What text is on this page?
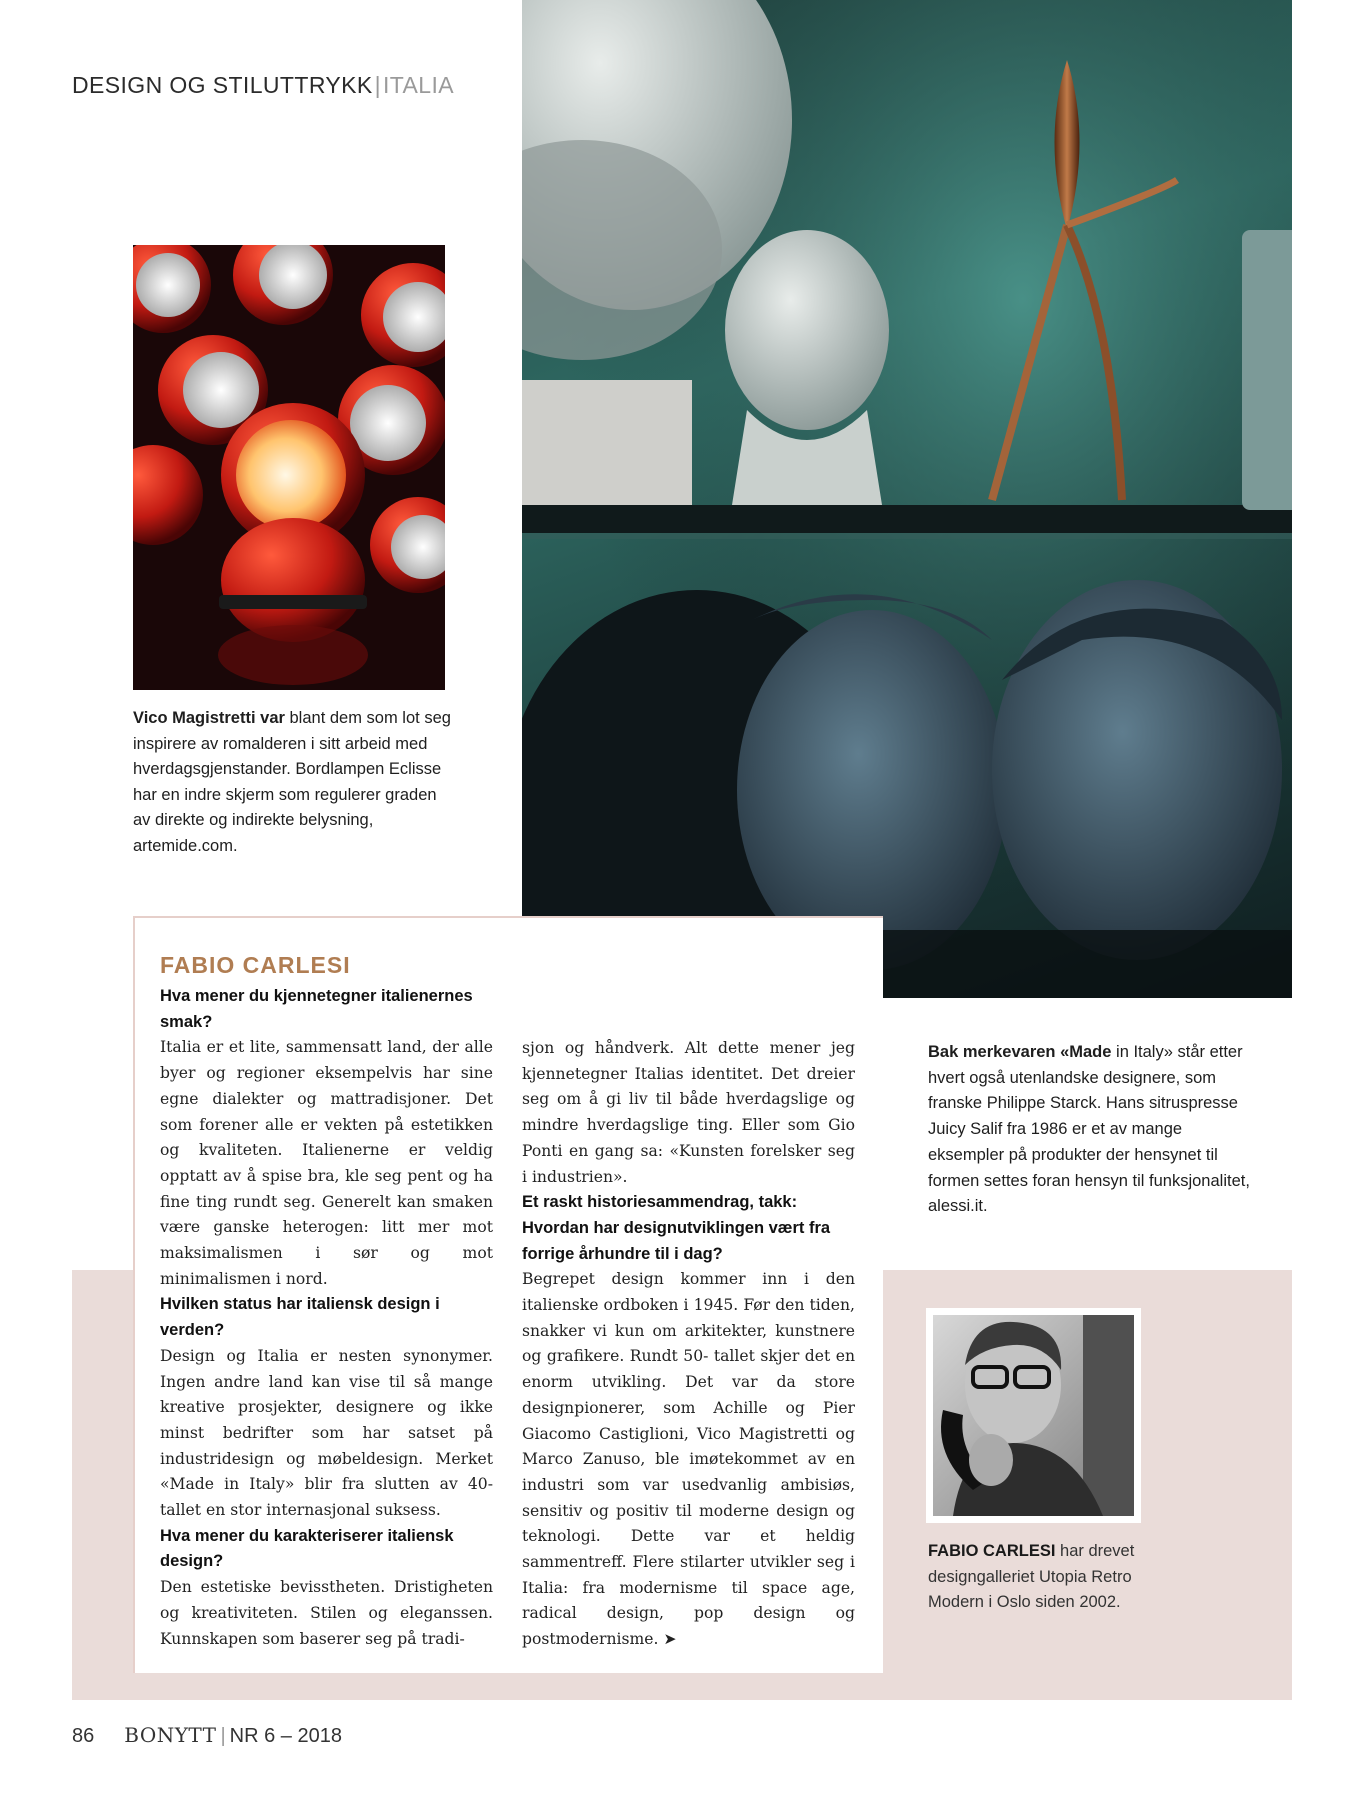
DESIGN OG STILUTTRYKK|ITALIA
Vico Magistretti var blant dem som lot seg inspirere av romalderen i sitt arbeid med hverdagsgjenstander. Bordlampen Eclisse har en indre skjerm som regulerer graden av direkte og indirekte belysning, artemide.com.
FABIO CARLESI
Hva mener du kjennetegner italienernes smak?
Italia er et lite, sammensatt land, der alle byer og regioner eksempelvis har sine egne dialekter og mattradisjoner. Det som forener alle er vekten på estetikken og kvaliteten. Italienerne er veldig opptatt av å spise bra, kle seg pent og ha fine ting rundt seg. Generelt kan smaken være ganske heterogen: litt mer mot maksimalismen i sør og mot minimalismen i nord.
Hvilken status har italiensk design i verden?
Design og Italia er nesten synonymer. Ingen andre land kan vise til så mange kreative prosjekter, designere og ikke minst bedrifter som har satset på industridesign og møbeldesign. Merket «Made in Italy» blir fra slutten av 40-tallet en stor internasjonal suksess.
Hva mener du karakteriserer italiensk design?
Den estetiske bevisstheten. Dristigheten og kreativiteten. Stilen og eleganssen. Kunnskapen som baserer seg på tradi-
sjon og håndverk. Alt dette mener jeg kjennetegner Italias identitet. Det dreier seg om å gi liv til både hverdagslige og mindre hverdagslige ting. Eller som Gio Ponti en gang sa: «Kunsten forelsker seg i industrien».
Et raskt historiesammendrag, takk: Hvordan har designutviklingen vært fra forrige århundre til i dag?
Begrepet design kommer inn i den italienske ordboken i 1945. Før den tiden, snakker vi kun om arkitekter, kunstnere og grafikere. Rundt 50- tallet skjer det en enorm utvikling. Det var da store designpionerer, som Achille og Pier Giacomo Castiglioni, Vico Magistretti og Marco Zanuso, ble imøtekommet av en industri som var usedvanlig ambisiøs, sensitiv og positiv til moderne design og teknologi. Dette var et heldig sammentreff. Flere stilarter utvikler seg i Italia: fra modernisme til space age, radical design, pop design og postmodernisme. ➤
Bak merkevaren «Made in Italy» står etter hvert også utenlandske designere, som franske Philippe Starck. Hans sitruspresse Juicy Salif fra 1986 er et av mange eksempler på produkter der hensynet til formen settes foran hensyn til funksjonalitet, alessi.it.
FABIO CARLESI har drevet designgalleriet Utopia Retro Modern i Oslo siden 2002.
86 BONYTT | NR 6 – 2018
